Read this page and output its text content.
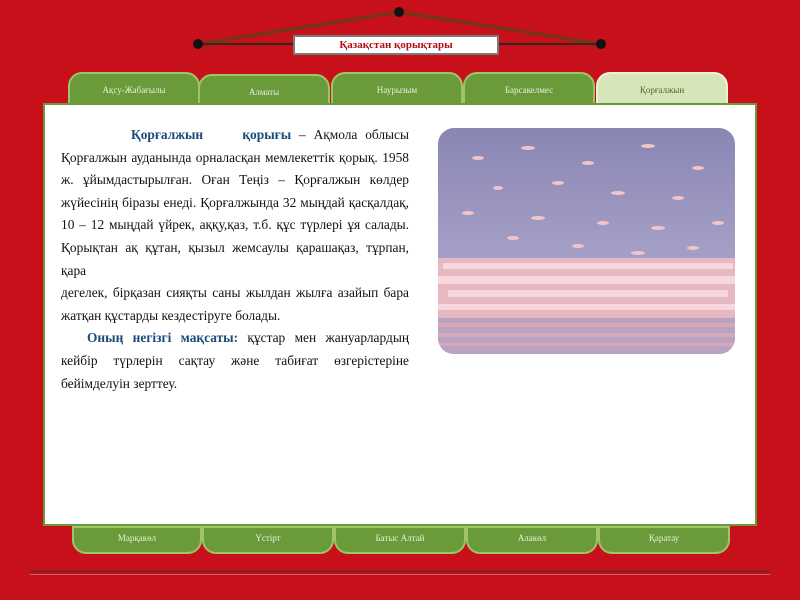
Қазақстан қорықтары
Ақсу-Жабағылы	Алматы	Наурызым	Барсакелмес	Қорғалжын

Қорғалжын     қорығы – Ақмола облысы Қорғалжын ауданында орналасқан мемлекеттік қорық. 1958 ж. ұйымдастырылған. Оған Теңіз – Қорғалжын көлдер жүйесінің біразы енеді. Қорғалжында 32 мыңдай қасқалдақ, 10 – 12 мыңдай үйрек, аққу,қаз, т.б. құс түрлері ұя салады. Қорықтан ақ құтан, қызыл жемсаулы қарашақаз, тұрпан, қара

дегелек, бірқазан сияқты саны жылдан жылға азайып бара жатқан құстарды кездестіруге болады.

Оның негізгі мақсаты: құстар мен жануарлардың кейбір түрлерін сақтау және табиғат өзгерістеріне бейімделуін зерттеу.

Марқакөл	Үстірт	Батыс Алтай	Алакөл	Қаратау
